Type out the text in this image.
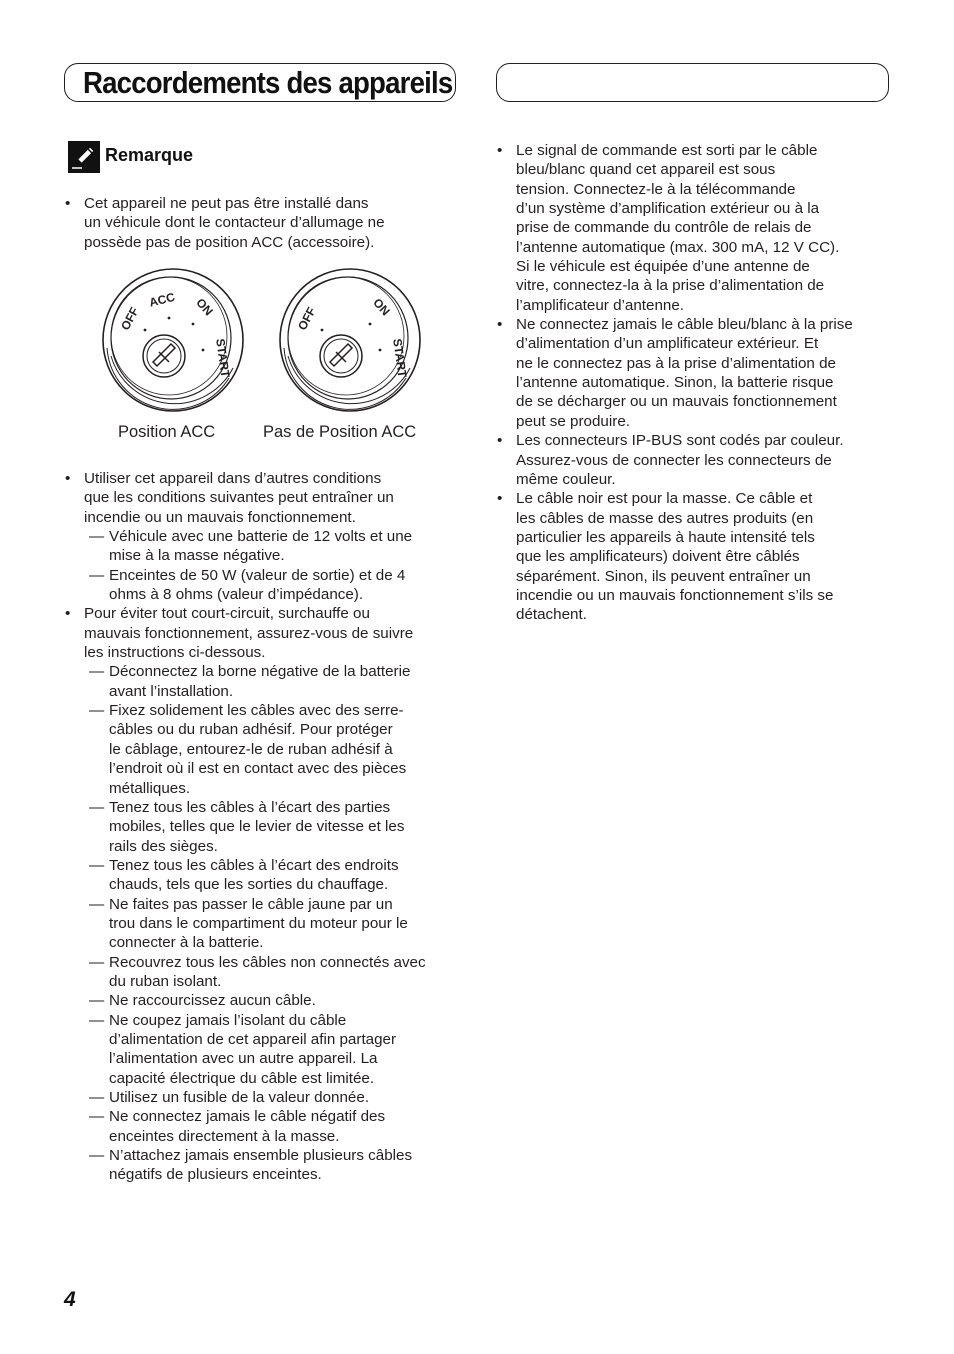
Raccordements des appareils
Remarque

• Cet appareil ne peut pas être installé dans

un véhicule dont le contacteur d’allumage ne

possède pas de position ACC (accessoire).

OFF
ACC ON
START
OFF	ON
START
Position ACC	Pas de Position ACC

• Utiliser cet appareil dans d’autres conditions

que les conditions suivantes peut entraîner un

incendie ou un mauvais fonctionnement.

— Véhicule avec une batterie de 12 volts et une

mise à la masse négative.

— Enceintes de 50 W (valeur de sortie) et de 4

ohms à 8 ohms (valeur d’impédance).

• Pour éviter tout court-circuit, surchauffe ou

mauvais fonctionnement, assurez-vous de suivre

les instructions ci-dessous.

— Déconnectez la borne négative de la batterie

avant l’installation.

— Fixez solidement les câbles avec des serre-

câbles ou du ruban adhésif. Pour protéger

le câblage, entourez-le de ruban adhésif à

l’endroit où il est en contact avec des pièces

métalliques.

— Tenez tous les câbles à l’écart des parties

mobiles, telles que le levier de vitesse et les

rails des sièges.

— Tenez tous les câbles à l’écart des endroits

chauds, tels que les sorties du chauffage.

— Ne faites pas passer le câble jaune par un

trou dans le compartiment du moteur pour le

connecter à la batterie.

— Recouvrez tous les câbles non connectés avec

du ruban isolant.

— Ne raccourcissez aucun câble.

— Ne coupez jamais l’isolant du câble

d’alimentation de cet appareil afin partager

l’alimentation avec un autre appareil. La

capacité électrique du câble est limitée.

— Utilisez un fusible de la valeur donnée.

— Ne connectez jamais le câble négatif des

enceintes directement à la masse.

— N’attachez jamais ensemble plusieurs câbles

négatifs de plusieurs enceintes.

• Le signal de commande est sorti par le câble

bleu/blanc quand cet appareil est sous

tension. Connectez-le à la télécommande

d’un système d’amplification extérieur ou à la

prise de commande du contrôle de relais de

l’antenne automatique (max. 300 mA, 12 V CC).

Si le véhicule est équipée d’une antenne de

vitre, connectez-la à la prise d’alimentation de

l’amplificateur d’antenne.

• Ne connectez jamais le câble bleu/blanc à la prise

d’alimentation d’un amplificateur extérieur. Et

ne le connectez pas à la prise d’alimentation de

l’antenne automatique. Sinon, la batterie risque

de se décharger ou un mauvais fonctionnement

peut se produire.

• Les connecteurs IP-BUS sont codés par couleur.

Assurez-vous de connecter les connecteurs de

même couleur.

• Le câble noir est pour la masse. Ce câble et

les câbles de masse des autres produits (en

particulier les appareils à haute intensité tels

que les amplificateurs) doivent être câblés

séparément. Sinon, ils peuvent entraîner un

incendie ou un mauvais fonctionnement s’ils se

détachent.

4
